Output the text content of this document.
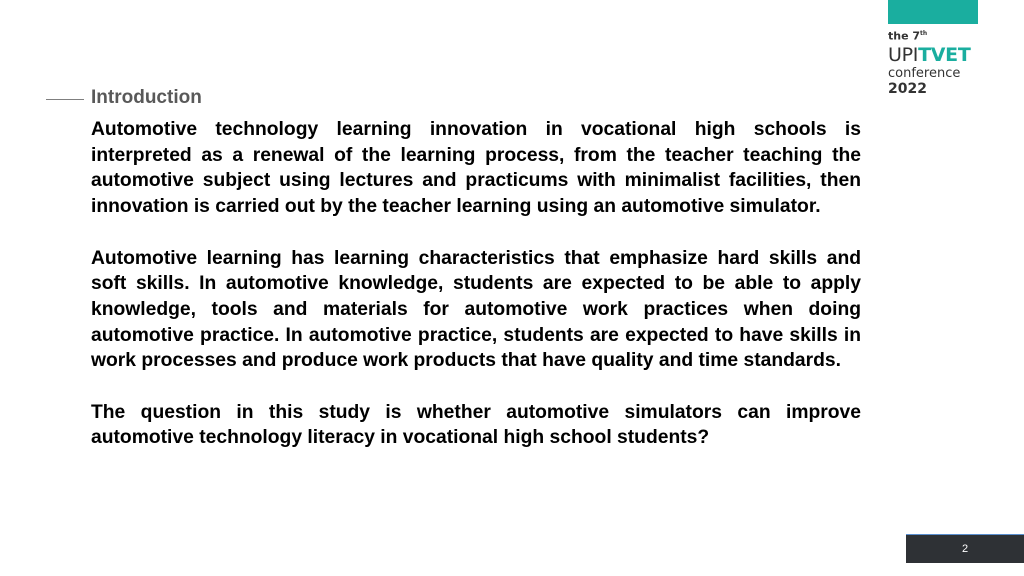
the 7th
UPITVET
conference
2022
Introduction

Automotive technology learning innovation in vocational high schools is interpreted as a renewal of the learning process, from the teacher teaching the automotive subject using lectures and practicums with minimalist facilities, then innovation is carried out by the teacher learning using an automotive simulator.

Automotive learning has learning characteristics that emphasize hard skills and soft skills. In automotive knowledge, students are expected to be able to apply knowledge, tools and materials for automotive work practices when doing automotive practice. In automotive practice, students are expected to have skills in work processes and produce work products that have quality and time standards.

The question in this study is whether automotive simulators can improve automotive technology literacy in vocational high school students?

2
